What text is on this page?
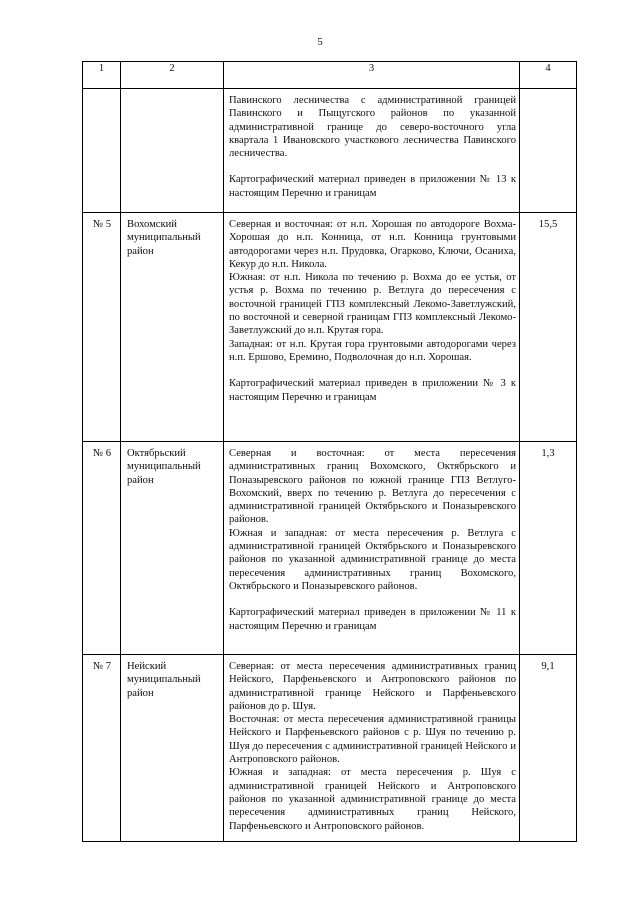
5
1	2	3	4

		Павинского лесничества с административной границей Павинского и Пыщугского районов по указанной административной границе до северо-восточного угла квартала 1 Ивановского участкового лесничества Павинского лесничества.
Картографический материал приведен в приложении № 13 к настоящим Перечню и границам	

№ 5	Вохомский муниципальный район	Северная и восточная: от н.п. Хорошая по автодороге Вохма-Хорошая до н.п. Конница, от н.п. Конница грунтовыми автодорогами через н.п. Прудовка, Огарково, Ключи, Осаниха, Кекур до н.п. Никола.
Южная: от н.п. Никола по течению р. Вохма до ее устья, от устья р. Вохма по течению р. Ветлуга до пересечения с восточной границей ГПЗ комплексный Лекомо-Заветлужский, по восточной и северной границам ГПЗ комплексный Лекомо-Заветлужский до н.п. Крутая гора.
Западная: от н.п. Крутая гора грунтовыми автодорогами через н.п. Ершово, Еремино, Подволочная до н.п. Хорошая.
Картографический материал приведен в приложении № 3 к настоящим Перечню и границам	15,5
№ 6	Октябрьский муниципальный район	Северная и восточная: от места пересечения административных границ Вохомского, Октябрьского и Поназыревского районов по южной границе ГПЗ Ветлуго-Вохомский, вверх по течению р. Ветлуга до пересечения с административной границей Октябрьского и Поназыревского районов.
Южная и западная: от места пересечения р. Ветлуга с административной границей Октябрьского и Поназыревского районов по указанной административной границе до места пересечения административных границ Вохомского, Октябрьского и Поназыревского районов.
Картографический материал приведен в приложении № 11 к настоящим Перечню и границам	1,3
№ 7	Нейский муниципальный район	Северная: от места пересечения административных границ Нейского, Парфеньевского и Антроповского районов по административной границе Нейского и Парфеньевского районов до р. Шуя.
Восточная: от места пересечения административной границы Нейского и Парфеньевского районов с р. Шуя по течению р. Шуя до пересечения с административной границей Нейского и Антроповского районов.
Южная и западная: от места пересечения р. Шуя с административной границей Нейского и Антроповского районов по указанной административной границе до места пересечения административных границ Нейского, Парфеньевского и Антроповского районов.	9,1
